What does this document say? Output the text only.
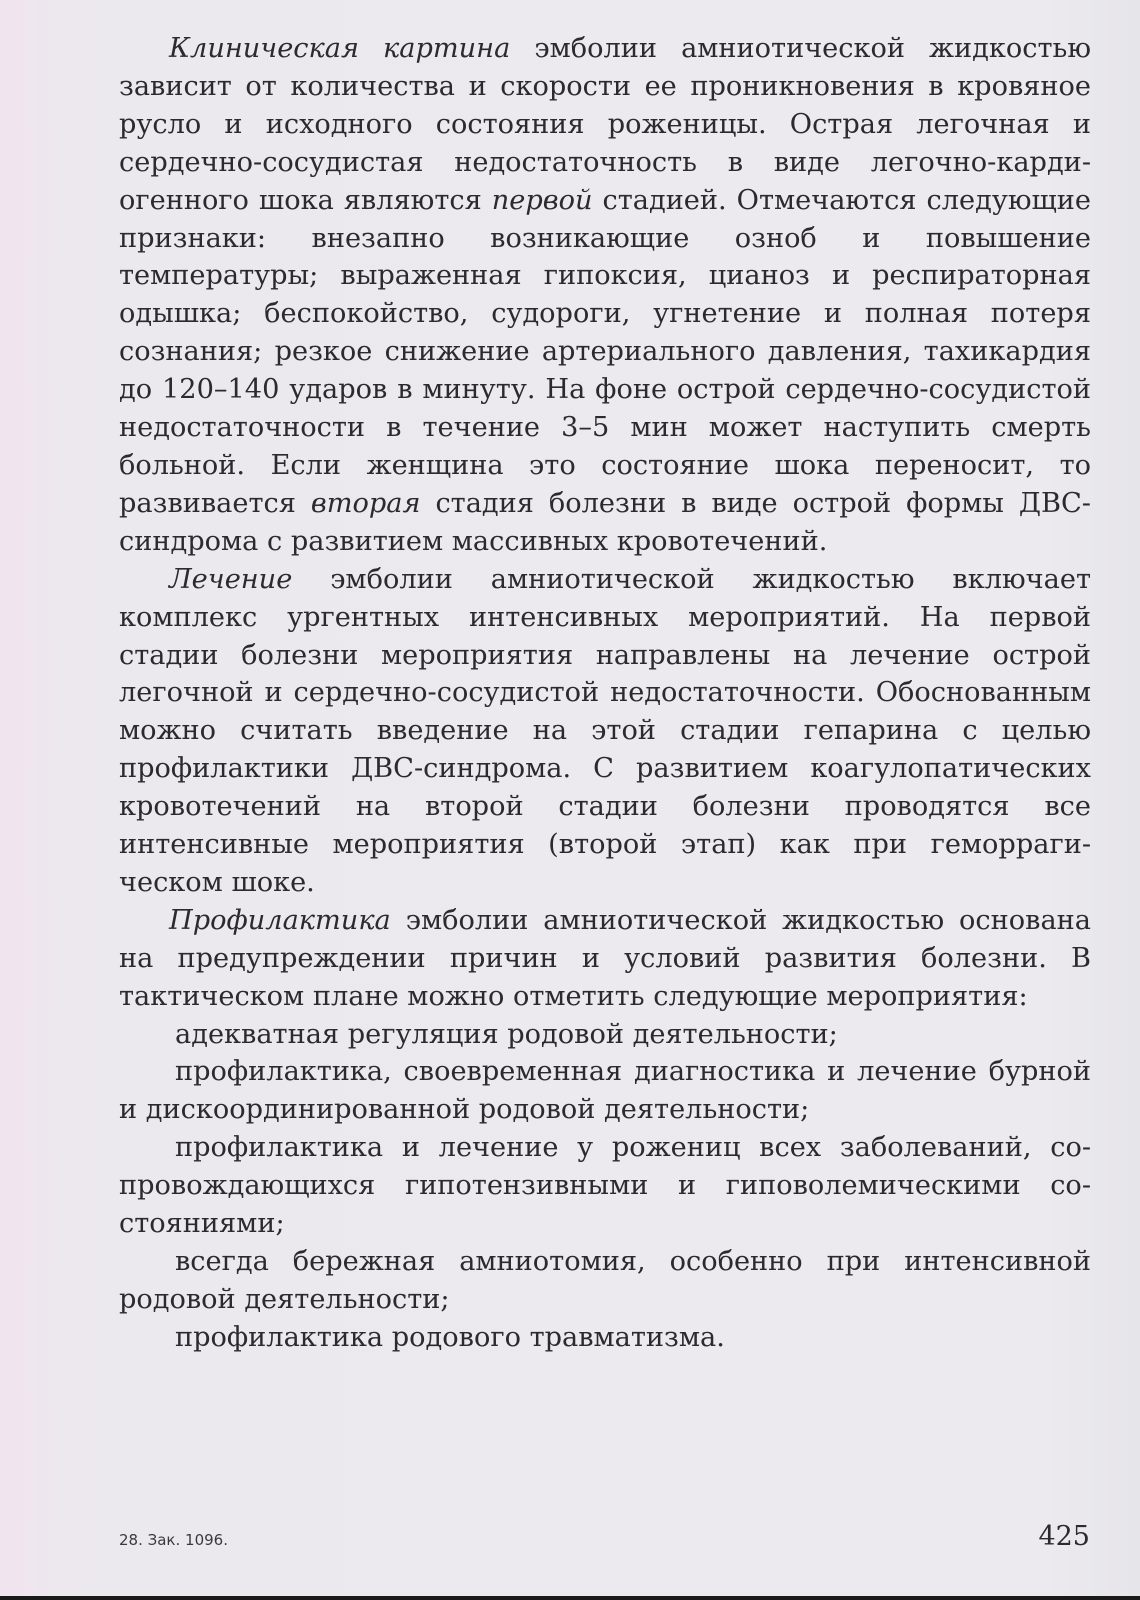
Клиническая картина эмболии амниотической жидкостью зависит от количества и скорости ее проникновения в кровяное русло и исходного состояния роженицы. Острая легочная и сердечно-сосудистая недостаточность в виде легочно-кардиогенного шока являются первой стадией. Отмечаются следующие признаки: внезапно возникающие озноб и повышение температуры; выраженная гипоксия, цианоз и респираторная одышка; беспокойство, судороги, угнетение и полная потеря сознания; резкое снижение артериального давления, тахикардия до 120–140 ударов в минуту. На фоне острой сердечно-сосудистой недостаточности в течение 3–5 мин может наступить смерть больной. Если женщина это состояние шока переносит, то развивается вторая стадия болезни в виде острой формы ДВС-синдрома с развитием массивных кровотечений.

Лечение эмболии амниотической жидкостью включает комплекс ургентных интенсивных мероприятий. На первой стадии болезни мероприятия направлены на лечение острой легочной и сердечно-сосудистой недостаточности. Обоснованным можно считать введение на этой стадии гепарина с целью профилактики ДВС-синдрома. С развитием коагулопатических кровотечений на второй стадии болезни проводятся все интенсивные мероприятия (второй этап) как при геморрагическом шоке.

Профилактика эмболии амниотической жидкостью основана на предупреждении причин и условий развития болезни. В тактическом плане можно отметить следующие мероприятия:

адекватная регуляция родовой деятельности;

профилактика, своевременная диагностика и лечение бурной и дискоординированной родовой деятельности;

профилактика и лечение у рожениц всех заболеваний, сопровождающихся гипотензивными и гиповолемическими состояниями;

всегда бережная амниотомия, особенно при интенсивной родовой деятельности;

профилактика родового травматизма.

28. Зак. 1096.	425
